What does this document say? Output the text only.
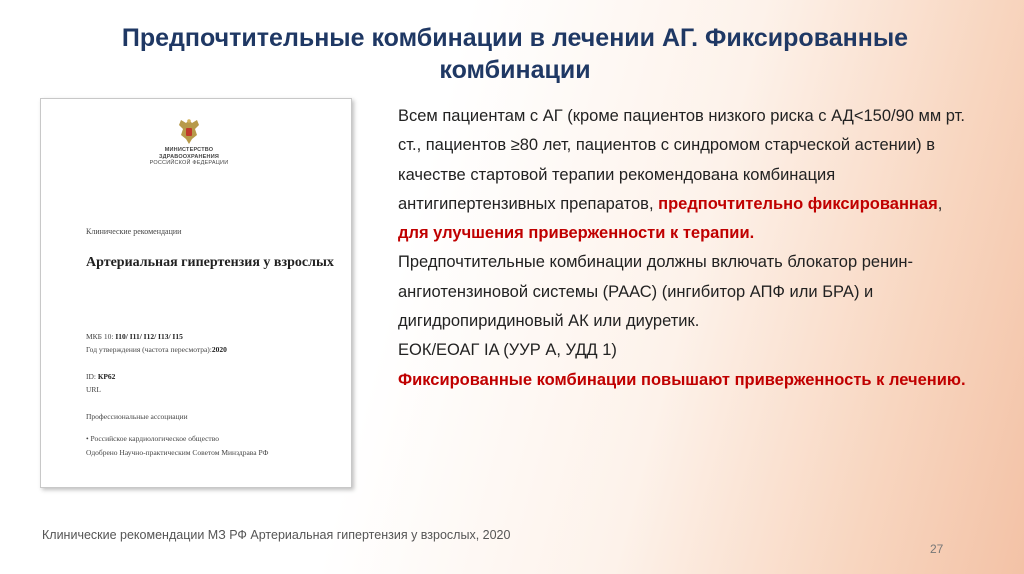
Предпочтительные комбинации в лечении АГ. Фиксированные
комбинации
МИНИСТЕРСТВО
ЗДРАВООХРАНЕНИЯ
РОССИЙСКОЙ ФЕДЕРАЦИИ
Клинические рекомендации
Артериальная гипертензия у взрослых
МКБ 10: I10/ I11/ I12/ I13/ I15
Год утверждения (частота пересмотра):2020
ID: КР62
URL
Профессиональные ассоциации
• Российское кардиологическое общество
Одобрено Научно-практическим Советом Минздрава РФ
Всем пациентам с АГ (кроме пациентов низкого риска с АД<150/90 мм рт. ст., пациентов ≥80 лет, пациентов с синдромом старческой астении) в качестве стартовой терапии рекомендована комбинация антигипертензивных препаратов, предпочтительно фиксированная,
для улучшения приверженности к терапии.
Предпочтительные комбинации должны включать блокатор ренин-ангиотензиновой системы (РААС) (ингибитор АПФ или БРА) и дигидропиридиновый АК или диуретик.
ЕОК/ЕОАГ IA (УУР А, УДД 1)
Фиксированные комбинации повышают приверженность к лечению.
Клинические рекомендации МЗ РФ Артериальная гипертензия у взрослых, 2020
27
